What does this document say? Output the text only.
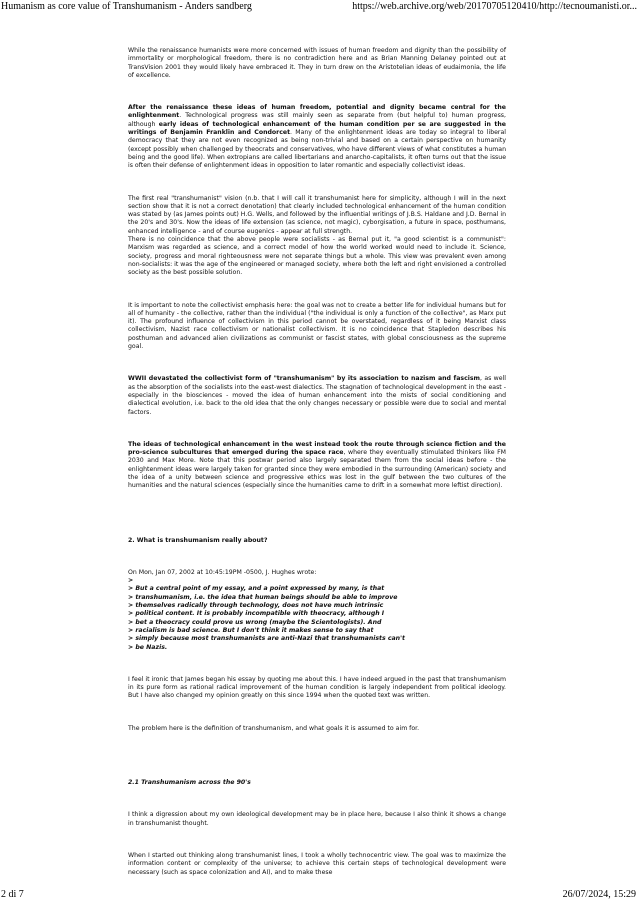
Humanism as core value of Transhumanism - Anders sandberg	https://web.archive.org/web/20170705120410/http://tecnoumanisti.or...

While the renaissance humanists were more concerned with issues of human freedom and dignity than the possibility of immortality or morphological freedom, there is no contradiction here and as Brian Manning Delaney pointed out at TransVision 2001 they would likely have embraced it. They in turn drew on the Aristotelian ideas of eudaimonia, the life of excellence.

After the renaissance these ideas of human freedom, potential and dignity became central for the enlightenment. Technological progress was still mainly seen as separate from (but helpful to) human progress, although early ideas of technological enhancement of the human condition per se are suggested in the writings of Benjamin Franklin and Condorcet. Many of the enlightenment ideas are today so integral to liberal democracy that they are not even recognized as being non-trivial and based on a certain perspective on humanity (except possibly when challenged by theocrats and conservatives, who have different views of what constitutes a human being and the good life). When extropians are called libertarians and anarcho-capitalists, it often turns out that the issue is often their defense of enlightenment ideas in opposition to later romantic and especially collectivist ideas.

The first real "transhumanist" vision (n.b. that I will call it transhumanist here for simplicity, although I will in the next section show that it is not a correct denotation) that clearly included technological enhancement of the human condition was stated by (as James points out) H.G. Wells, and followed by the influential writings of J.B.S. Haldane and J.D. Bernal in the 20's and 30's. Now the ideas of life extension (as science, not magic), cyborgisation, a future in space, posthumans, enhanced intelligence - and of course eugenics - appear at full strength.

There is no coincidence that the above people were socialists - as Bernal put it, "a good scientist is a communist": Marxism was regarded as science, and a correct model of how the world worked would need to include it. Science, society, progress and moral righteousness were not separate things but a whole. This view was prevalent even among non-socialists: it was the age of the engineered or managed society, where both the left and right envisioned a controlled society as the best possible solution.

It is important to note the collectivist emphasis here: the goal was not to create a better life for individual humans but for all of humanity - the collective, rather than the individual ("the individual is only a function of the collective", as Marx put it). The profound influence of collectivism in this period cannot be overstated, regardless of it being Marxist class collectivism, Nazist race collectivism or nationalist collectivism. It is no coincidence that Stapledon describes his posthuman and advanced alien civilizations as communist or fascist states, with global consciousness as the supreme goal.

WWII devastated the collectivist form of "transhumanism" by its association to nazism and fascism, as well as the absorption of the socialists into the east-west dialectics. The stagnation of technological development in the east - especially in the biosciences - moved the idea of human enhancement into the mists of social conditioning and dialectical evolution, i.e. back to the old idea that the only changes necessary or possible were due to social and mental factors.

The ideas of technological enhancement in the west instead took the route through science fiction and the pro-science subcultures that emerged during the space race, where they eventually stimulated thinkers like FM 2030 and Max More. Note that this postwar period also largely separated them from the social ideas before - the enlightenment ideas were largely taken for granted since they were embodied in the surrounding (American) society and the idea of a unity between science and progressive ethics was lost in the gulf between the two cultures of the humanities and the natural sciences (especially since the humanities came to drift in a somewhat more leftist direction).

2. What is transhumanism really about?

On Mon, Jan 07, 2002 at 10:45:19PM -0500, J. Hughes wrote:

>
> But a central point of my essay, and a point expressed by many, is that
> transhumanism, i.e. the idea that human beings should be able to improve
> themselves radically through technology, does not have much intrinsic
> political content. It is probably incompatible with theocracy, although I
> bet a theocracy could prove us wrong (maybe the Scientologists). And
> racialism is bad science. But I don't think it makes sense to say that
> simply because most transhumanists are anti-Nazi that transhumanists can't
> be Nazis.

I feel it ironic that James began his essay by quoting me about this. I have indeed argued in the past that transhumanism in its pure form as rational radical improvement of the human condition is largely independent from political ideology. But I have also changed my opinion greatly on this since 1994 when the quoted text was written.

The problem here is the definition of transhumanism, and what goals it is assumed to aim for.

2.1 Transhumanism across the 90's

I think a digression about my own ideological development may be in place here, because I also think it shows a change in transhumanist thought.

When I started out thinking along transhumanist lines, I took a wholly technocentric view. The goal was to maximize the information content or complexity of the universe; to achieve this certain steps of technological development were necessary (such as space colonization and AI), and to make these

2 di 7	26/07/2024, 15:29
